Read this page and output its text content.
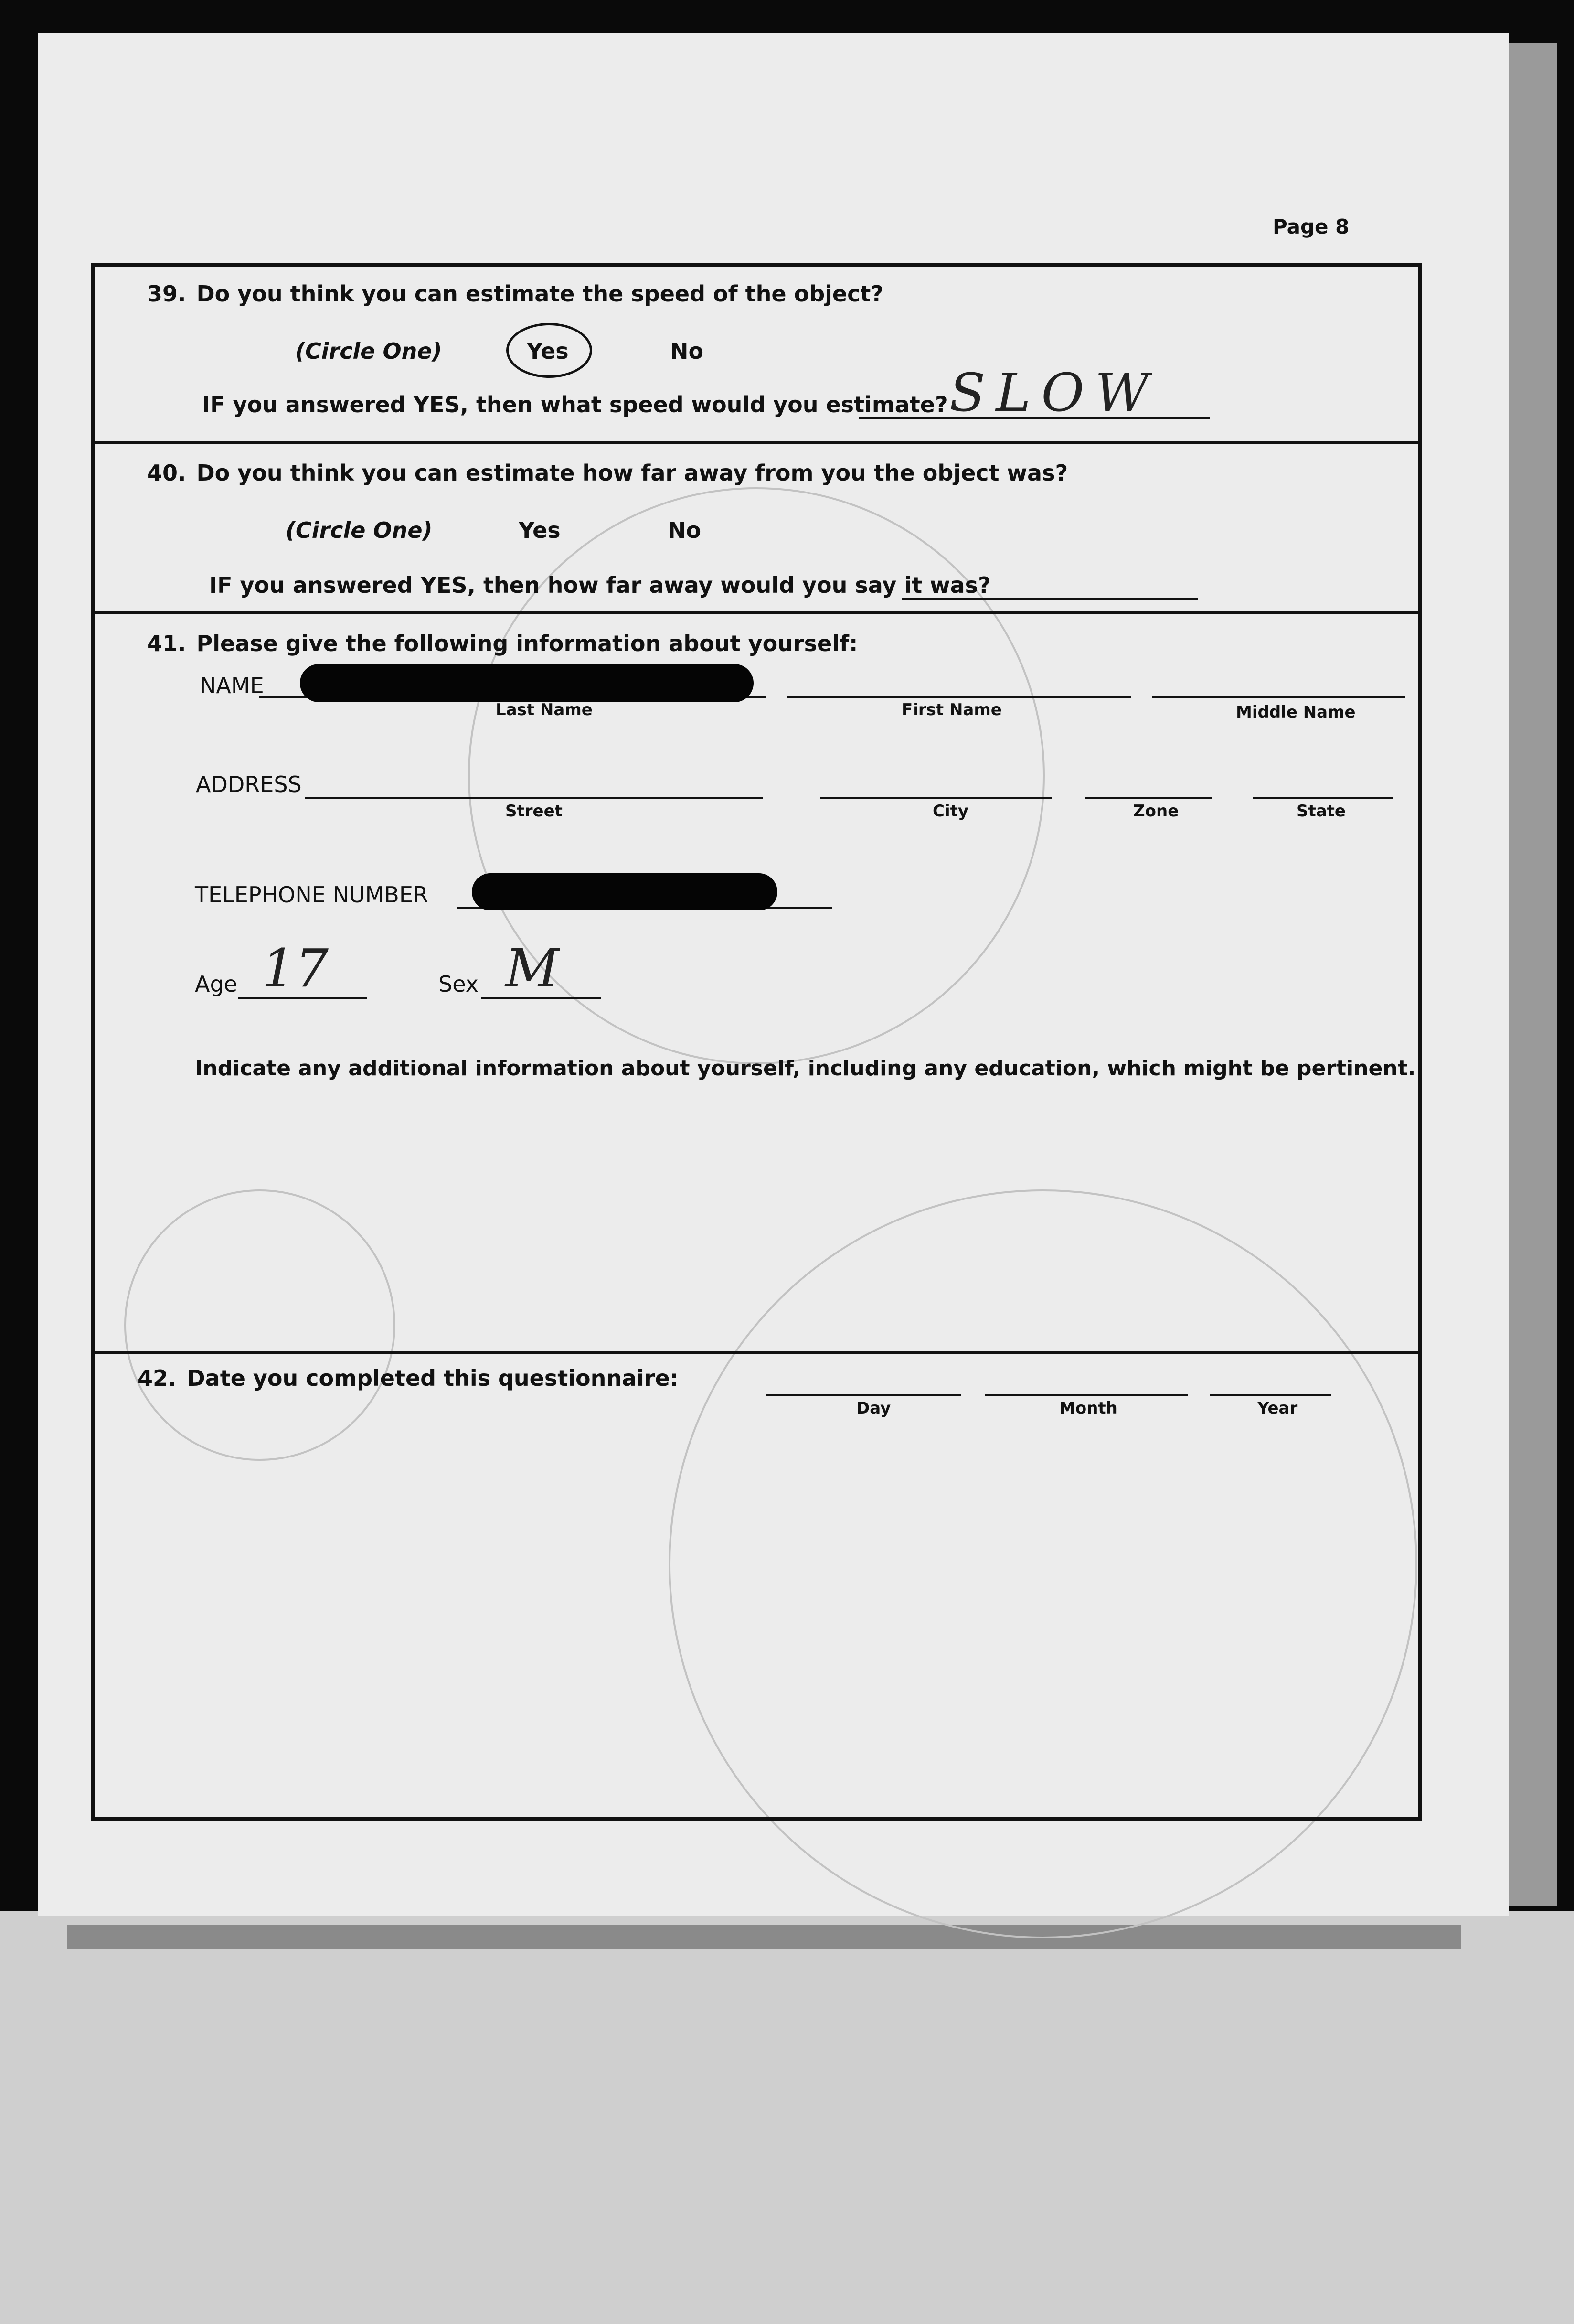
Page 8
39. Do you think you can estimate the speed of the object?
(Circle One)	Yes	No
IF you answered YES, then what speed would you estimate? SLOW
40. Do you think you can estimate how far away from you the object was?
(Circle One)	Yes	No
IF you answered YES, then how far away would you say it was?
41. Please give the following information about yourself:
NAME
Last Name	First Name	Middle Name
ADDRESS
Street	City	Zone	State
TELEPHONE NUMBER
Age 17	Sex M
Indicate any additional information about yourself, including any education, which might be pertinent.
42. Date you completed this questionnaire:
Day	Month	Year
